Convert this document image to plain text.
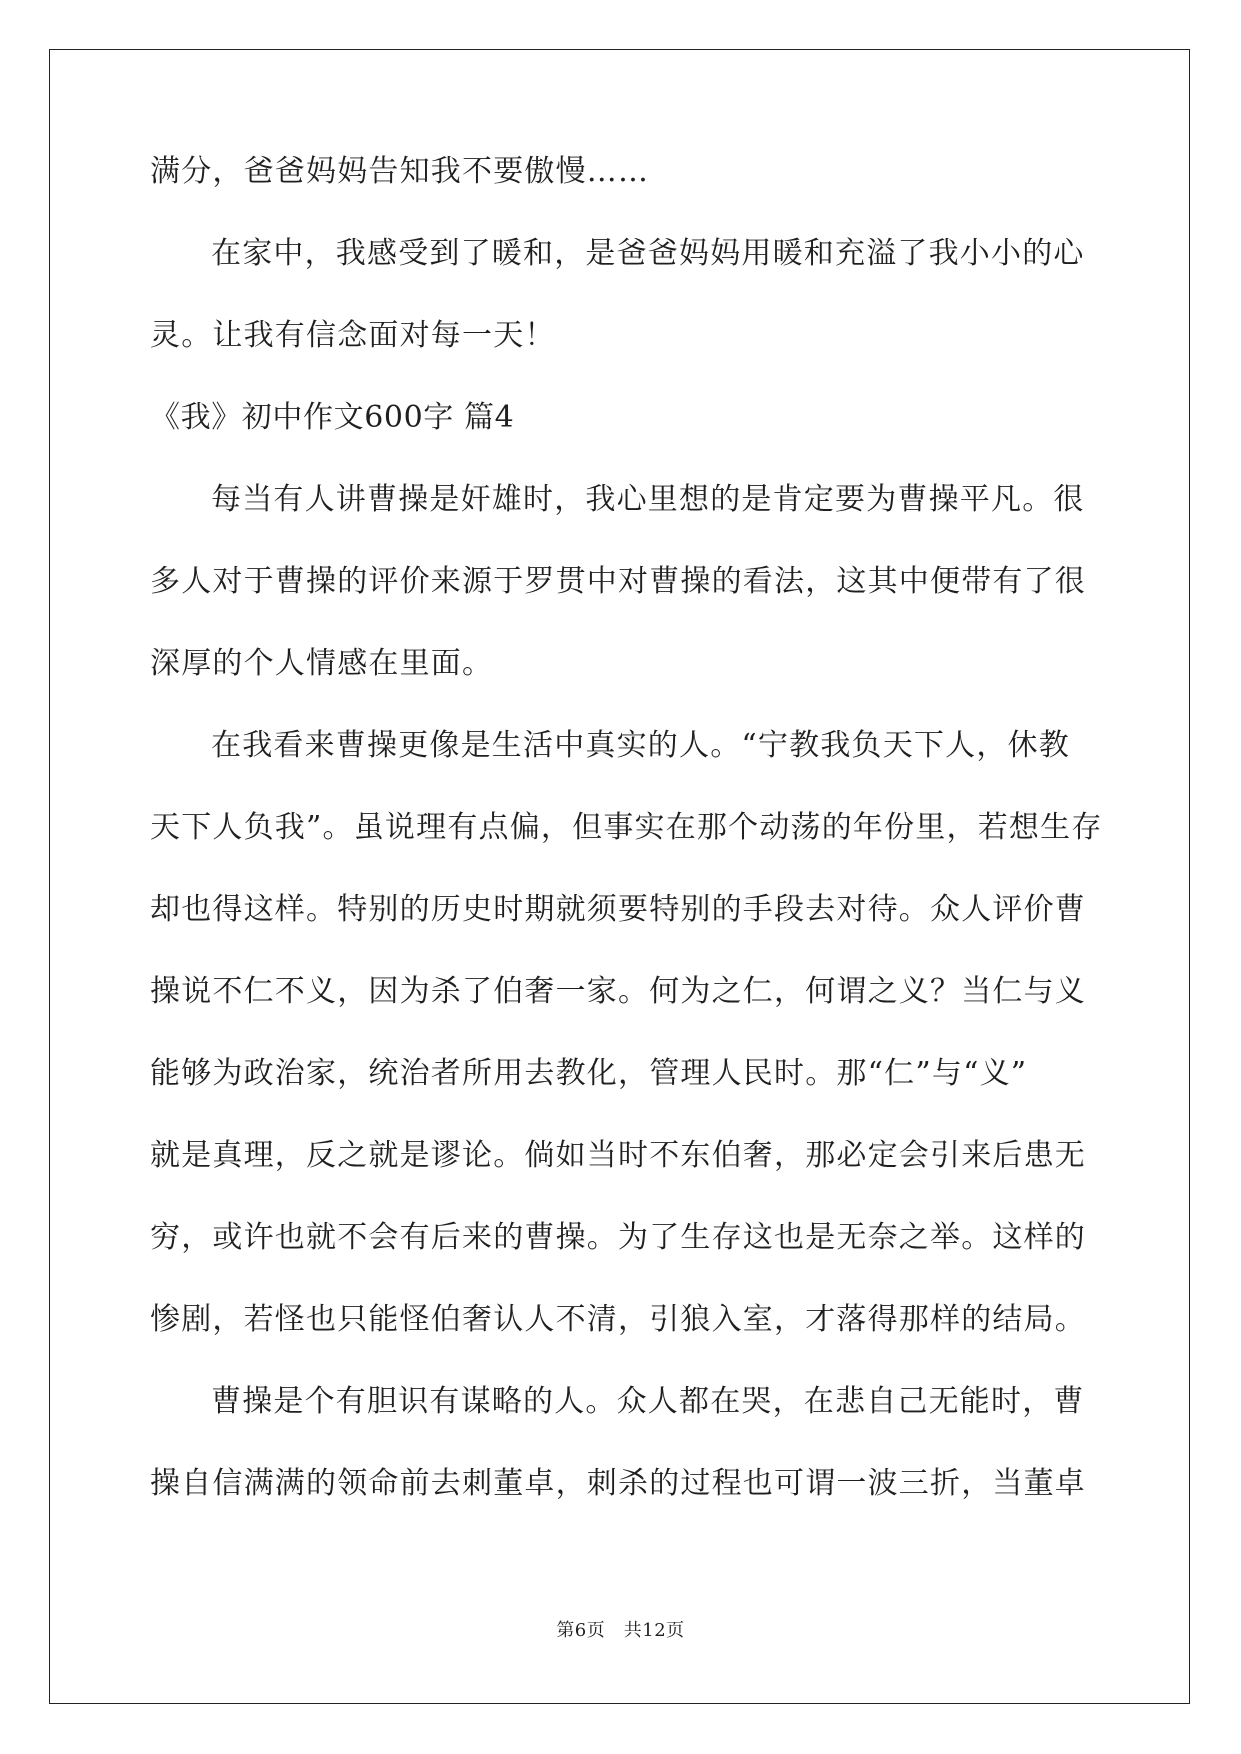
满分，爸爸妈妈告知我不要傲慢……
在家中，我感受到了暖和，是爸爸妈妈用暖和充溢了我小小的心
灵。让我有信念面对每一天！
《我》初中作文600字 篇4
每当有人讲曹操是奸雄时，我心里想的是肯定要为曹操平凡。很
多人对于曹操的评价来源于罗贯中对曹操的看法，这其中便带有了很
深厚的个人情感在里面。
在我看来曹操更像是生活中真实的人。“宁教我负天下人，休教
天下人负我”。虽说理有点偏，但事实在那个动荡的年份里，若想生存
却也得这样。特别的历史时期就须要特别的手段去对待。众人评价曹
操说不仁不义，因为杀了伯奢一家。何为之仁，何谓之义？当仁与义
能够为政治家，统治者所用去教化，管理人民时。那“仁”与“义”
就是真理，反之就是谬论。倘如当时不东伯奢，那必定会引来后患无
穷，或许也就不会有后来的曹操。为了生存这也是无奈之举。这样的
惨剧，若怪也只能怪伯奢认人不清，引狼入室，才落得那样的结局。
曹操是个有胆识有谋略的人。众人都在哭，在悲自己无能时，曹
操自信满满的领命前去刺董卓，刺杀的过程也可谓一波三折，当董卓
第6页　共12页
